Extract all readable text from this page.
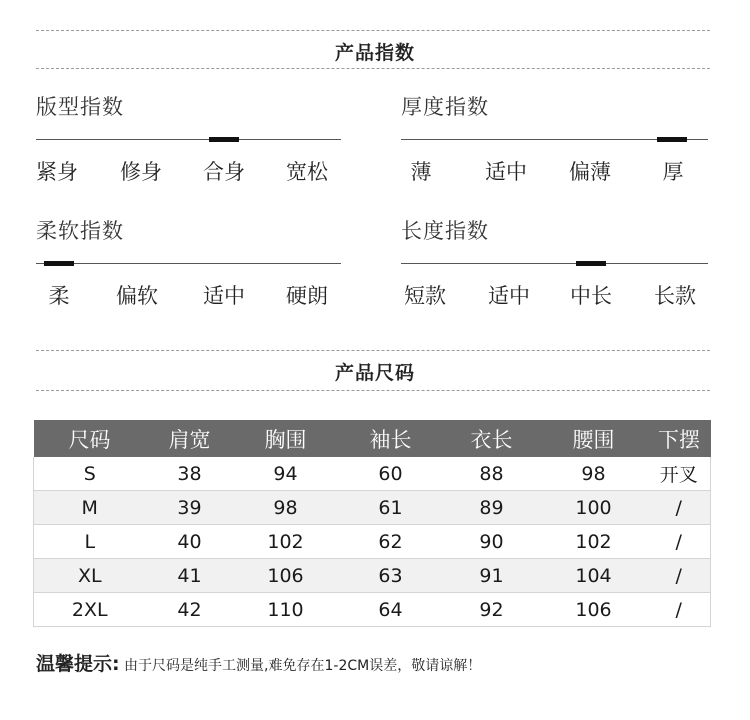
产品指数
版型指数
紧身	修身	合身	宽松
厚度指数
薄	适中	偏薄	厚
柔软指数
柔	偏软	适中	硬朗
长度指数
短款	适中	中长	长款
产品尺码
尺码	肩宽	胸围	袖长	衣长	腰围	下摆
S	38	94	60	88	98	开叉
M	39	98	61	89	100	/
L	40	102	62	90	102	/
XL	41	106	63	91	104	/
2XL	42	110	64	92	106	/
温馨提示: 由于尺码是纯手工测量,难免存在1-2CM误差，敬请谅解！
